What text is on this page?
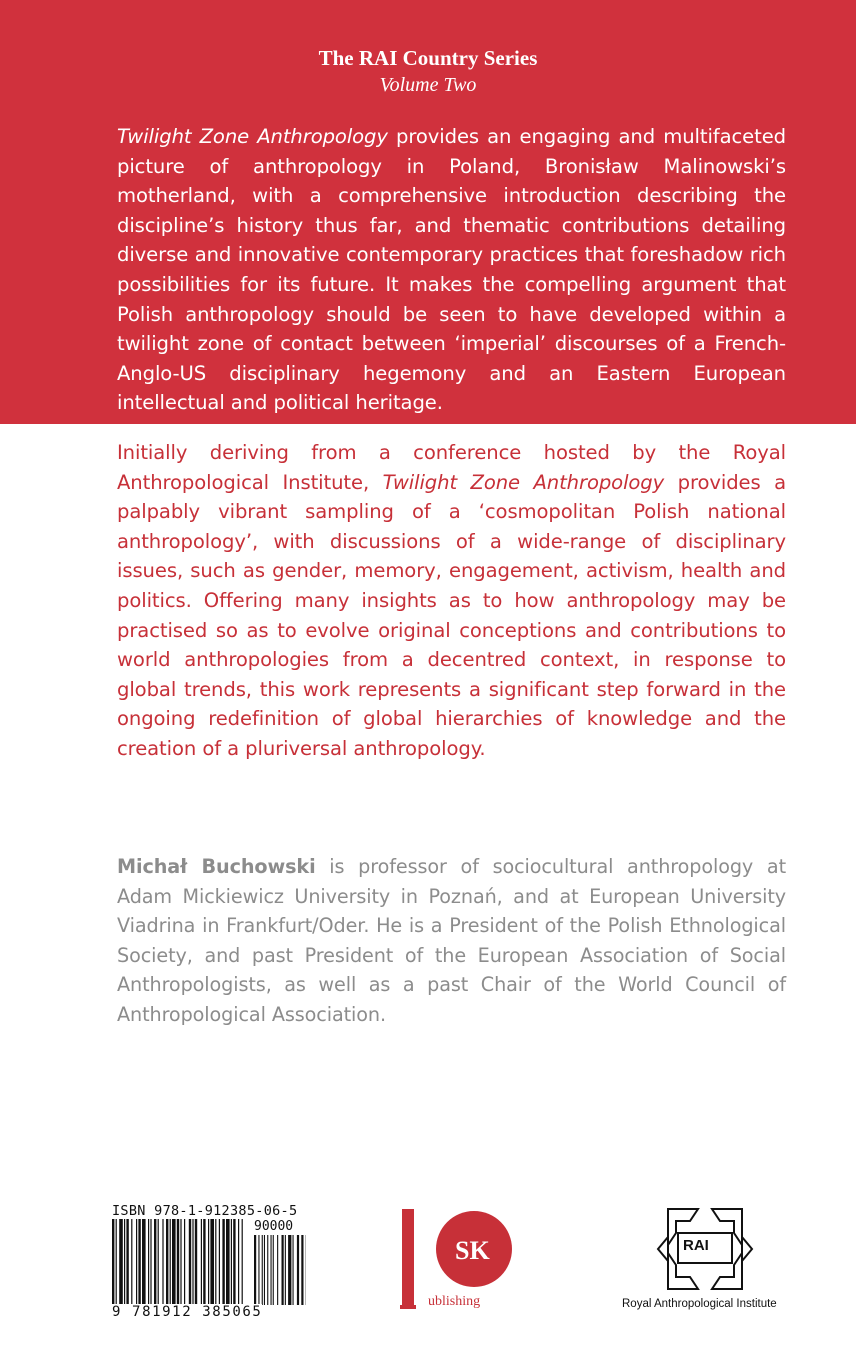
The RAI Country Series
Volume Two
Twilight Zone Anthropology provides an engaging and multifaceted picture of anthropology in Poland, Bronisław Malinowski’s motherland, with a comprehensive introduction describing the discipline’s history thus far, and thematic contributions detailing diverse and innovative contemporary practices that foreshadow rich possibilities for its future. It makes the compelling argument that Polish anthropology should be seen to have developed within a twilight zone of contact between ‘imperial’ discourses of a French-Anglo-US disciplinary hegemony and an Eastern European intellectual and political heritage.
Initially deriving from a conference hosted by the Royal Anthropological Institute, Twilight Zone Anthropology provides a palpably vibrant sampling of a ‘cosmopolitan Polish national anthropology’, with discussions of a wide-range of disciplinary issues, such as gender, memory, engagement, activism, health and politics. Offering many insights as to how anthropology may be practised so as to evolve original conceptions and contributions to world anthropologies from a decentred context, in response to global trends, this work represents a significant step forward in the ongoing redefinition of global hierarchies of knowledge and the creation of a pluriversal anthropology.
Michał Buchowski is professor of sociocultural anthropology at Adam Mickiewicz University in Poznań, and at European University Viadrina in Frankfurt/Oder. He is a President of the Polish Ethnological Society, and past President of the European Association of Social Anthropologists, as well as a past Chair of the World Council of Anthropological Association.
ISBN 978-1-912385-06-5
90000
9 781912 385065
SK
ublishing
RAI
Royal Anthropological Institute
